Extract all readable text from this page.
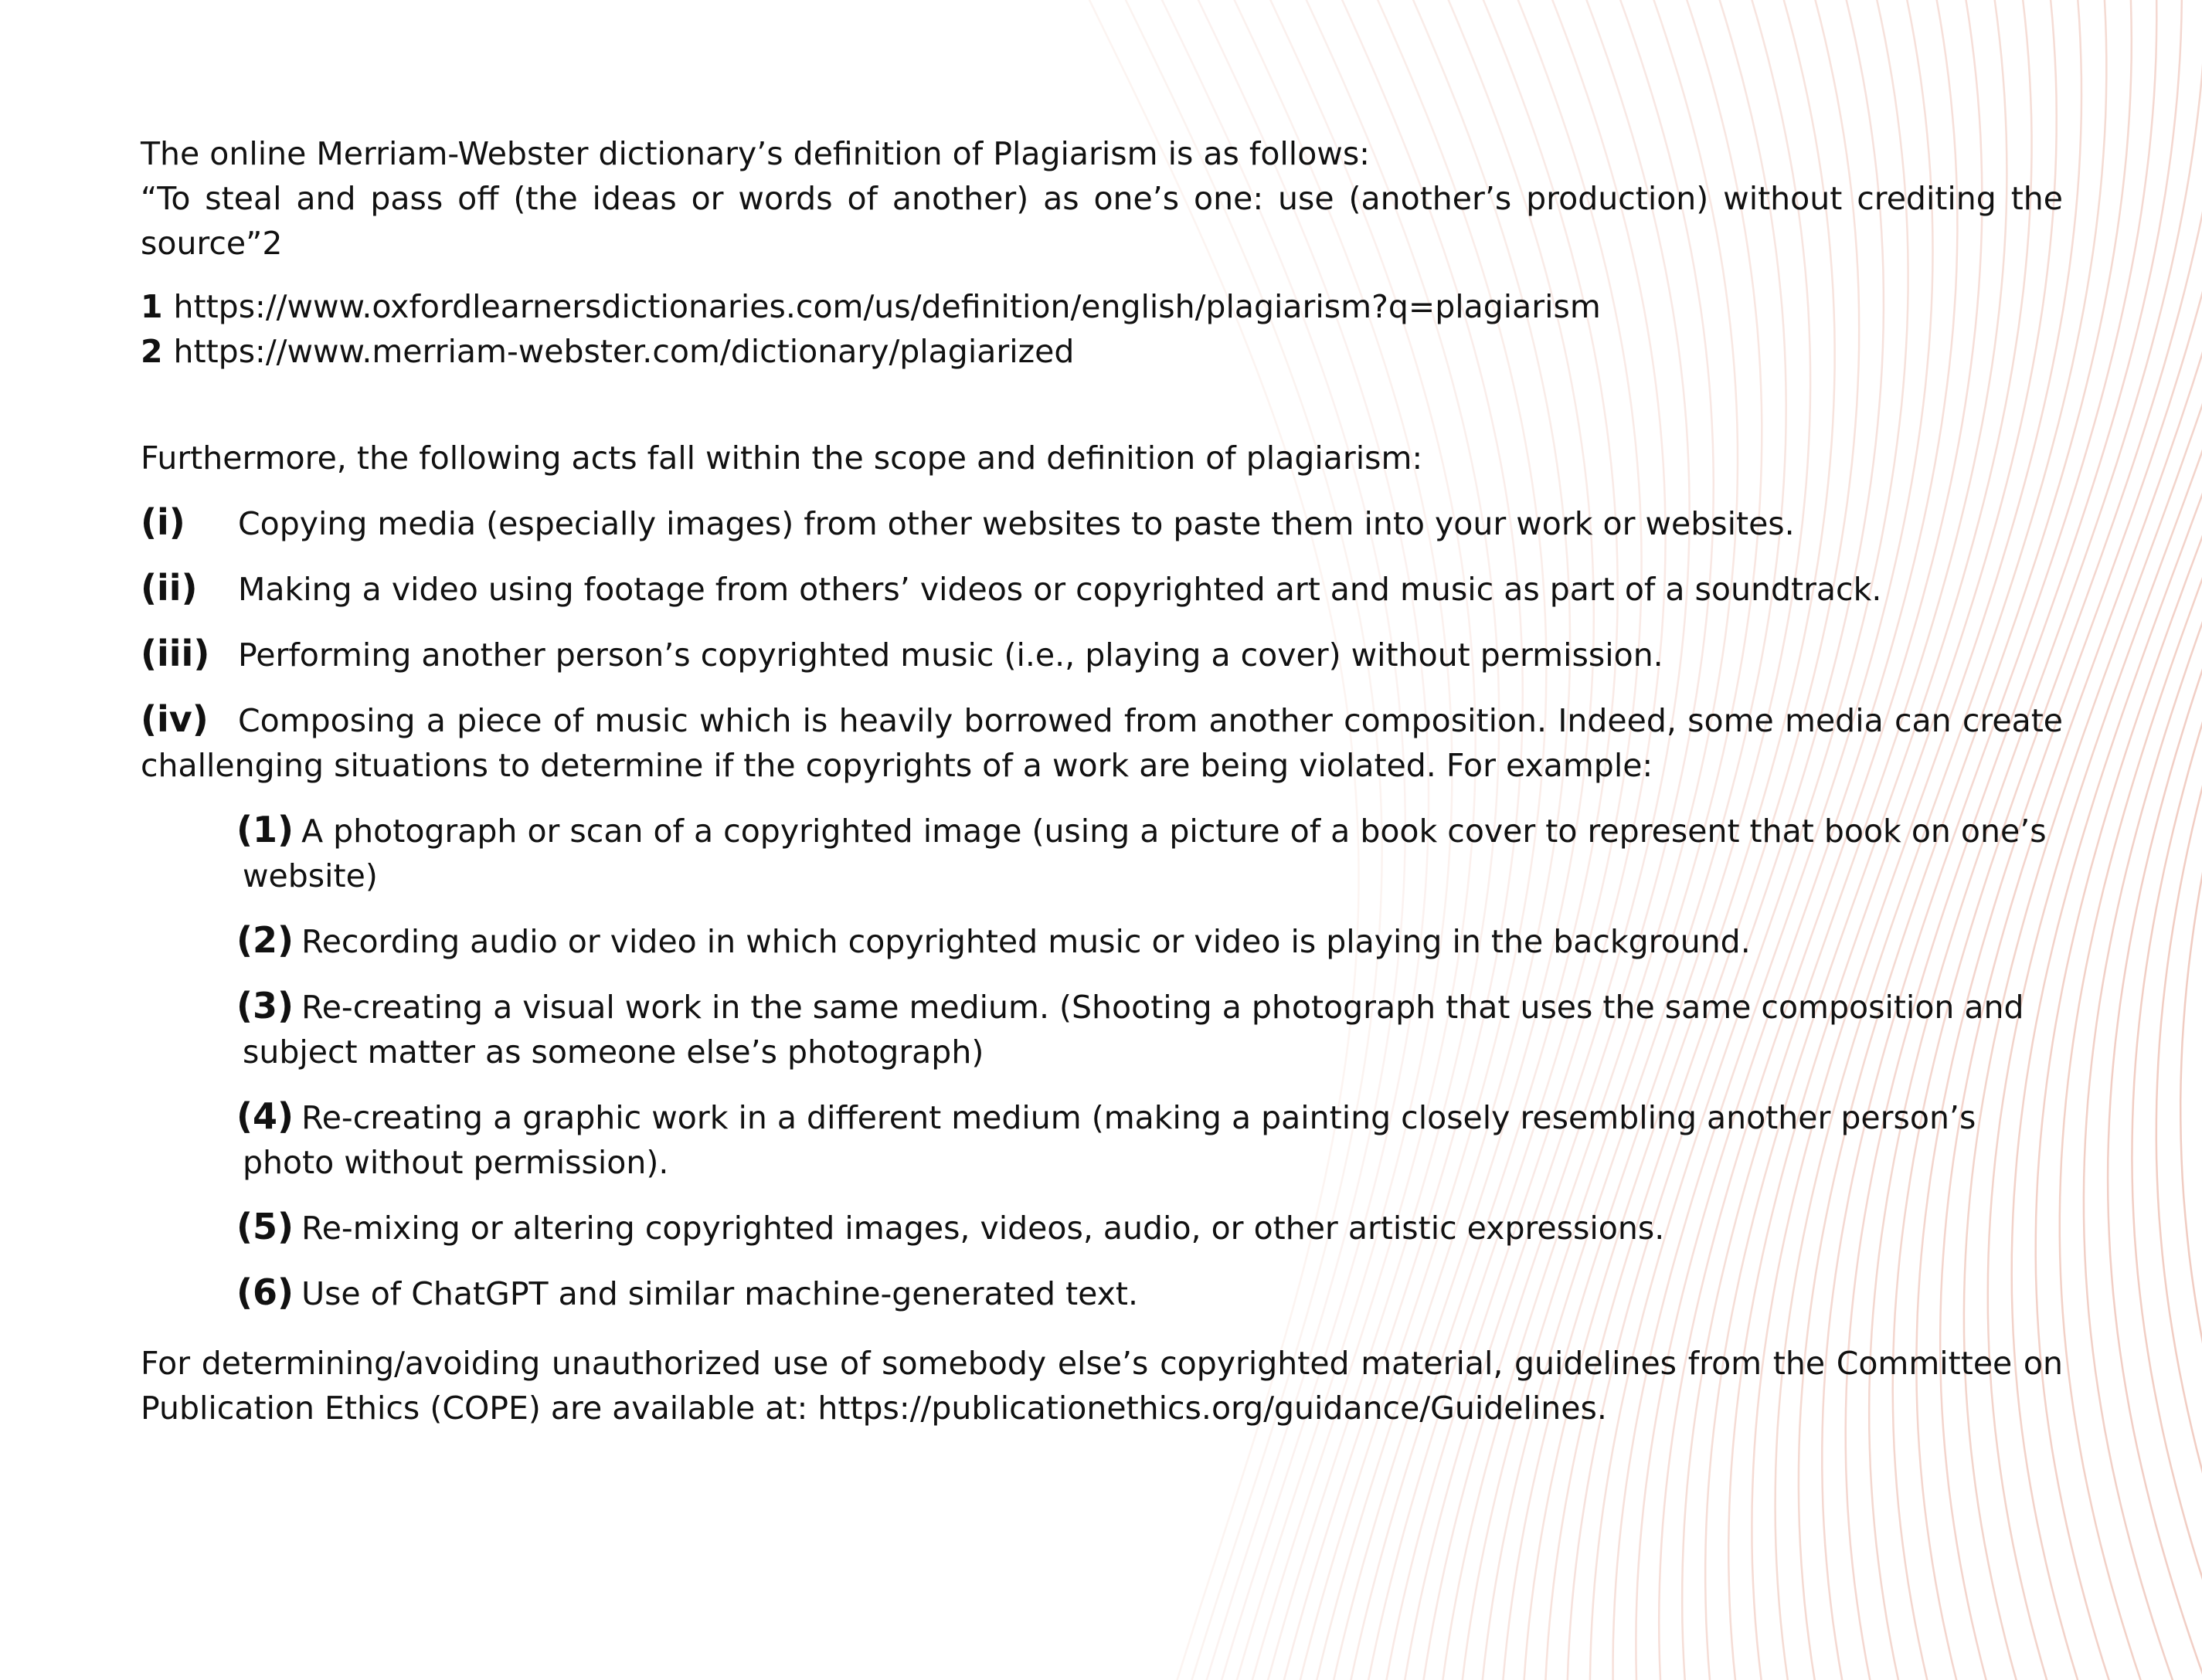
The online Merriam-Webster dictionary’s definition of Plagiarism is as follows:

“To steal and pass off (the ideas or words of another) as one’s one: use (another’s production) without crediting the source”2

1 https://www.oxfordlearnersdictionaries.com/us/definition/english/plagiarism?q=plagiarism

2 https://www.merriam-webster.com/dictionary/plagiarized

Furthermore, the following acts fall within the scope and definition of plagiarism:

(i) Copying media (especially images) from other websites to paste them into your work or websites.

(ii) Making a video using footage from others’ videos or copyrighted art and music as part of a soundtrack.

(iii) Performing another person’s copyrighted music (i.e., playing a cover) without permission.

(iv) Composing a piece of music which is heavily borrowed from another composition. Indeed, some media can create challenging situations to determine if the copyrights of a work are being violated. For example:

(1) A photograph or scan of a copyrighted image (using a picture of a book cover to represent that book on one’s website)

(2) Recording audio or video in which copyrighted music or video is playing in the background.

(3) Re-creating a visual work in the same medium. (Shooting a photograph that uses the same composition and subject matter as someone else’s photograph)

(4) Re-creating a graphic work in a different medium (making a painting closely resembling another person’s photo without permission).

(5) Re-mixing or altering copyrighted images, videos, audio, or other artistic expressions.

(6) Use of ChatGPT and similar machine-generated text.

For determining/avoiding unauthorized use of somebody else’s copyrighted material, guidelines from the Committee on Publication Ethics (COPE) are available at: https://publicationethics.org/guidance/Guidelines.
